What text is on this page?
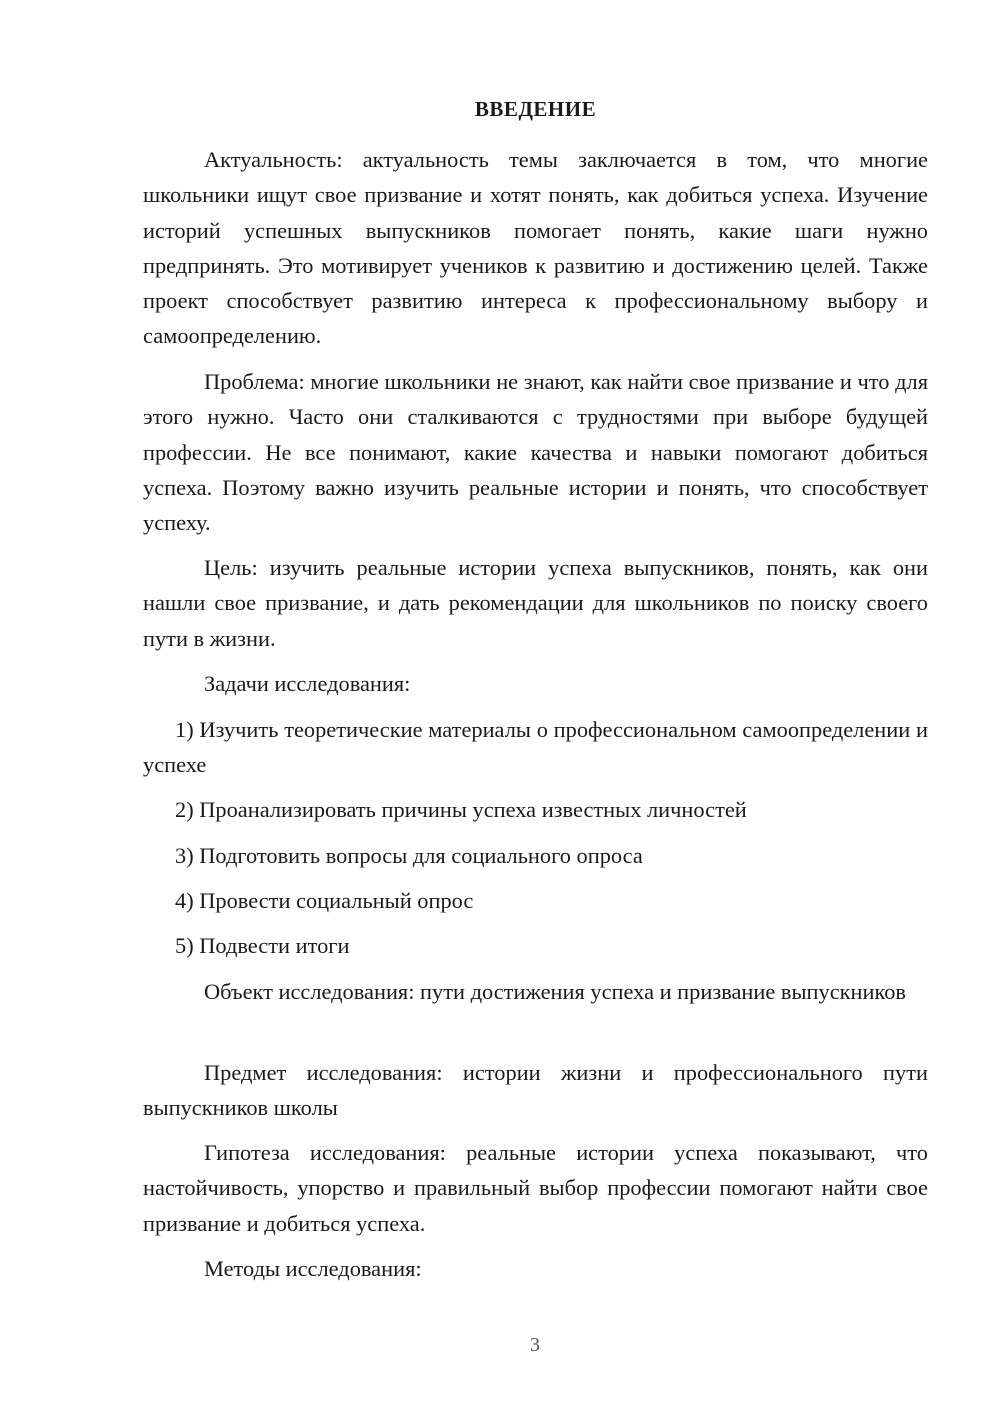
ВВЕДЕНИЕ
Актуальность: актуальность темы заключается в том, что многие школьники ищут свое призвание и хотят понять, как добиться успеха. Изучение историй успешных выпускников помогает понять, какие шаги нужно предпринять. Это мотивирует учеников к развитию и достижению целей. Также проект способствует развитию интереса к профессиональному выбору и самоопределению.
Проблема: многие школьники не знают, как найти свое призвание и что для этого нужно. Часто они сталкиваются с трудностями при выборе будущей профессии. Не все понимают, какие качества и навыки помогают добиться успеха. Поэтому важно изучить реальные истории и понять, что способствует успеху.
Цель: изучить реальные истории успеха выпускников, понять, как они нашли свое призвание, и дать рекомендации для школьников по поиску своего пути в жизни.
Задачи исследования:
1) Изучить теоретические материалы о профессиональном самоопределении и успехе
2) Проанализировать причины успеха известных личностей
3) Подготовить вопросы для социального опроса
4) Провести социальный опрос
5) Подвести итоги
Объект исследования: пути достижения успеха и призвание выпускников
Предмет исследования: истории жизни и профессионального пути выпускников школы
Гипотеза исследования: реальные истории успеха показывают, что настойчивость, упорство и правильный выбор профессии помогают найти свое призвание и добиться успеха.
Методы исследования:
3
